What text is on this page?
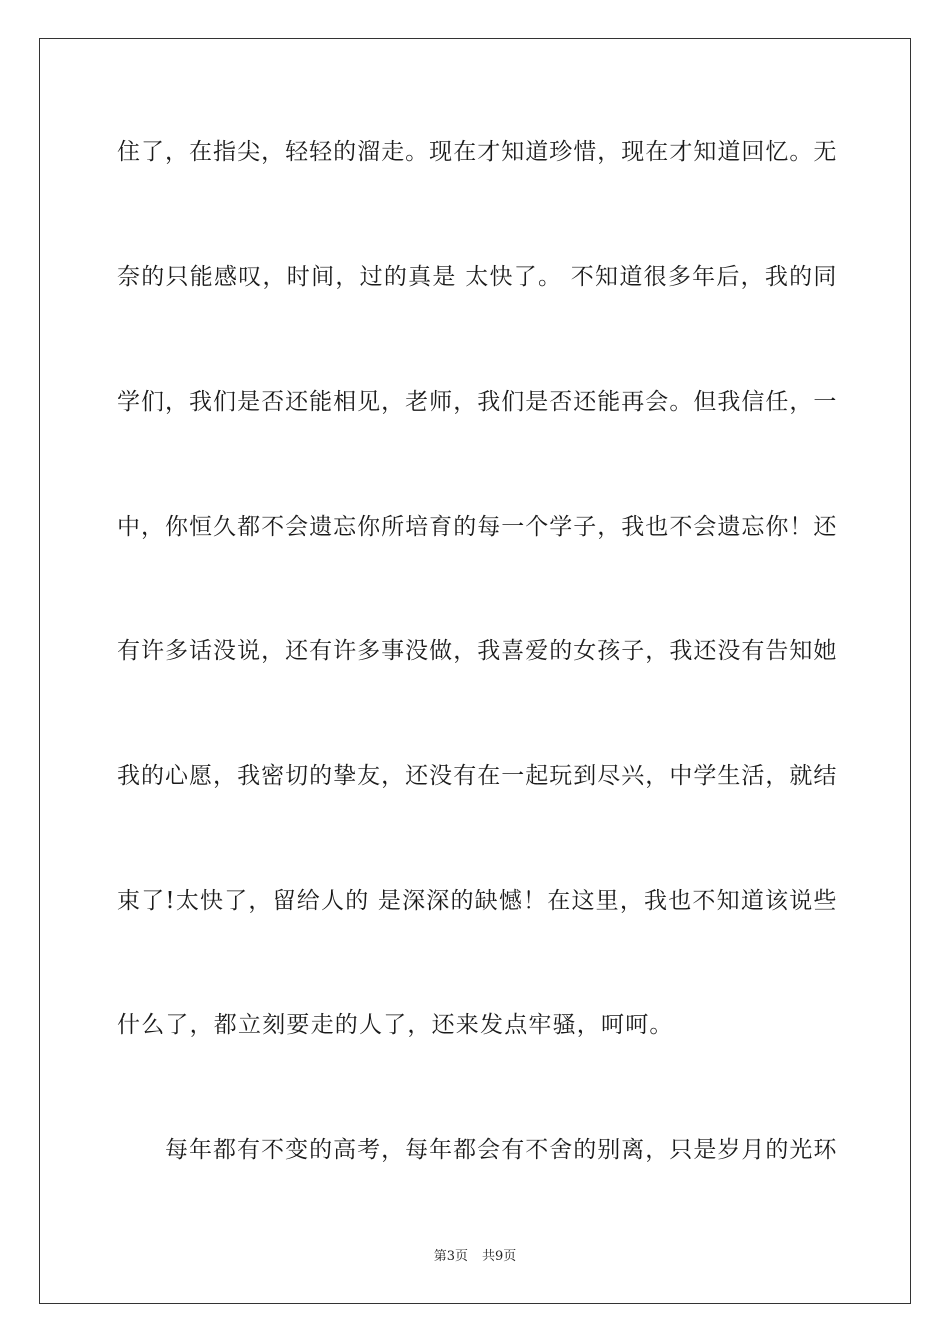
住了，在指尖，轻轻的溜走。现在才知道珍惜，现在才知道回忆。无
奈的只能感叹，时间，过的真是 太快了。 不知道很多年后，我的同
学们，我们是否还能相见，老师，我们是否还能再会。但我信任，一
中，你恒久都不会遗忘你所培育的每一个学子，我也不会遗忘你！还
有许多话没说，还有许多事没做，我喜爱的女孩子，我还没有告知她
我的心愿，我密切的挚友，还没有在一起玩到尽兴，中学生活，就结
束了!太快了，留给人的 是深深的缺憾！在这里，我也不知道该说些
什么了，都立刻要走的人了，还来发点牢骚，呵呵。
每年都有不变的高考，每年都会有不舍的别离，只是岁月的光环
第3页 共9页
